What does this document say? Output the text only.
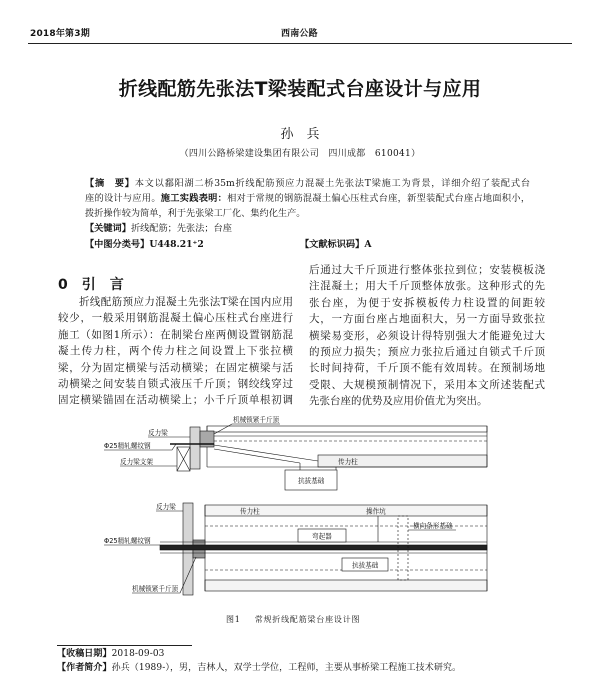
2018年第3期	西南公路
折线配筋先张法T梁装配式台座设计与应用
孙　兵
（四川公路桥梁建设集团有限公司　四川成都　610041）
【摘　要】本文以鄱阳湖二桥35m折线配筋预应力混凝土先张法T梁施工为背景，详细介绍了装配式台
座的设计与应用。施工实践表明：相对于常规的钢筋混凝土偏心压柱式台座，新型装配式台座占地面积小，
拨折操作较为简单，利于先张梁工厂化、集约化生产。
【关键词】折线配筋；先张法；台座
【中图分类号】U448.21⁺2	【文献标识码】A
0 引　言
折线配筋预应力混凝土先张法T梁在国内应用
较少，一般采用钢筋混凝土偏心压柱式台座进行
施工（如图1所示）：在制梁台座两侧设置钢筋混
凝土传力柱，两个传力柱之间设置上下张拉横
梁，分为固定横梁与活动横梁；在固定横梁与活
动横梁之间安装自锁式液压千斤顶；钢绞线穿过
固定横梁锚固在活动横梁上；小千斤顶单根初调
后通过大千斤顶进行整体张拉到位；安装模板浇
注混凝土；用大千斤顶整体放张。这种形式的先
张台座，为便于安拆模板传力柱设置的间距较
大，一方面台座占地面积大，另一方面导致张拉
横梁易变形，必须设计得特别强大才能避免过大
的预应力损失；预应力张拉后通过自锁式千斤顶
长时间持荷，千斤顶不能有效周转。在预制场地
受限、大规模预制情况下，采用本文所述装配式
先张台座的优势及应用价值尤为突出。
机械锁紧千斤顶
反力梁
Φ25精轧螺纹钢
反力梁支架	传力柱
抗拔基础
反力梁
传力柱	操作坑
横向条形基础
Φ25精轧螺纹钢
弯起器
抗拔基础
机械锁紧千斤顶
图1 常规折线配筋梁台座设计图
【收稿日期】2018-09-03
【作者简介】孙兵（1989-），男，吉林人，双学士学位，工程师，主要从事桥梁工程施工技术研究。
